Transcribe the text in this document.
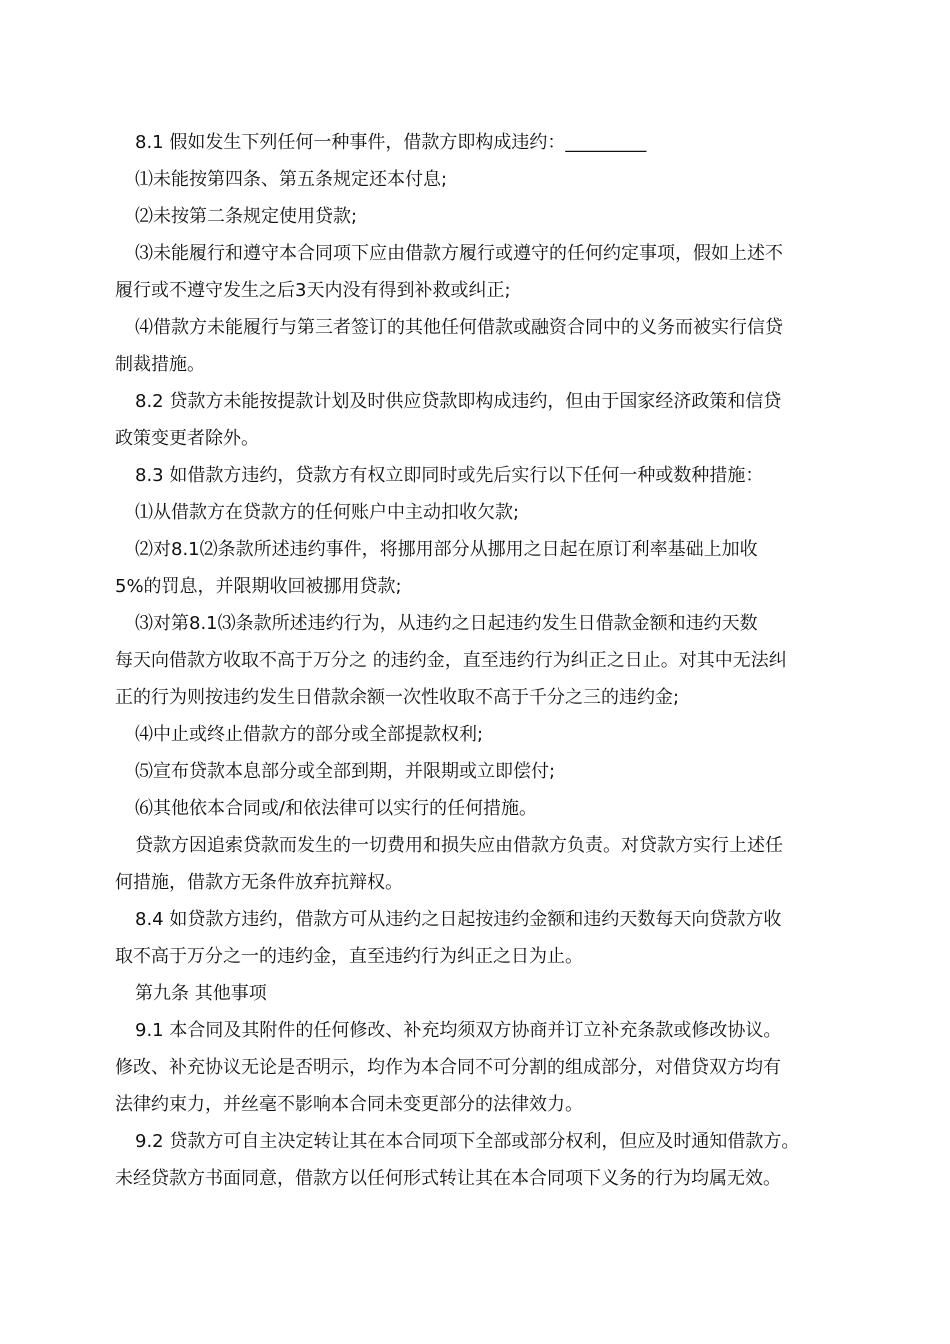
8.1 假如发生下列任何一种事件，借款方即构成违约：_________
⑴未能按第四条、第五条规定还本付息;
⑵未按第二条规定使用贷款;
⑶未能履行和遵守本合同项下应由借款方履行或遵守的任何约定事项，假如上述不
履行或不遵守发生之后3天内没有得到补救或纠正;
⑷借款方未能履行与第三者签订的其他任何借款或融资合同中的义务而被实行信贷
制裁措施。
8.2 贷款方未能按提款计划及时供应贷款即构成违约，但由于国家经济政策和信贷
政策变更者除外。
8.3 如借款方违约，贷款方有权立即同时或先后实行以下任何一种或数种措施：
⑴从借款方在贷款方的任何账户中主动扣收欠款;
⑵对8.1⑵条款所述违约事件，将挪用部分从挪用之日起在原订利率基础上加收
5%的罚息，并限期收回被挪用贷款;
⑶对第8.1⑶条款所述违约行为，从违约之日起违约发生日借款金额和违约天数
每天向借款方收取不高于万分之 的违约金，直至违约行为纠正之日止。对其中无法纠
正的行为则按违约发生日借款余额一次性收取不高于千分之三的违约金;
⑷中止或终止借款方的部分或全部提款权利;
⑸宣布贷款本息部分或全部到期，并限期或立即偿付;
⑹其他依本合同或/和依法律可以实行的任何措施。
贷款方因追索贷款而发生的一切费用和损失应由借款方负责。对贷款方实行上述任
何措施，借款方无条件放弃抗辩权。
8.4 如贷款方违约，借款方可从违约之日起按违约金额和违约天数每天向贷款方收
取不高于万分之一的违约金，直至违约行为纠正之日为止。
第九条 其他事项
9.1 本合同及其附件的任何修改、补充均须双方协商并订立补充条款或修改协议。
修改、补充协议无论是否明示，均作为本合同不可分割的组成部分，对借贷双方均有
法律约束力，并丝毫不影响本合同未变更部分的法律效力。
9.2 贷款方可自主决定转让其在本合同项下全部或部分权利，但应及时通知借款方。
未经贷款方书面同意，借款方以任何形式转让其在本合同项下义务的行为均属无效。
